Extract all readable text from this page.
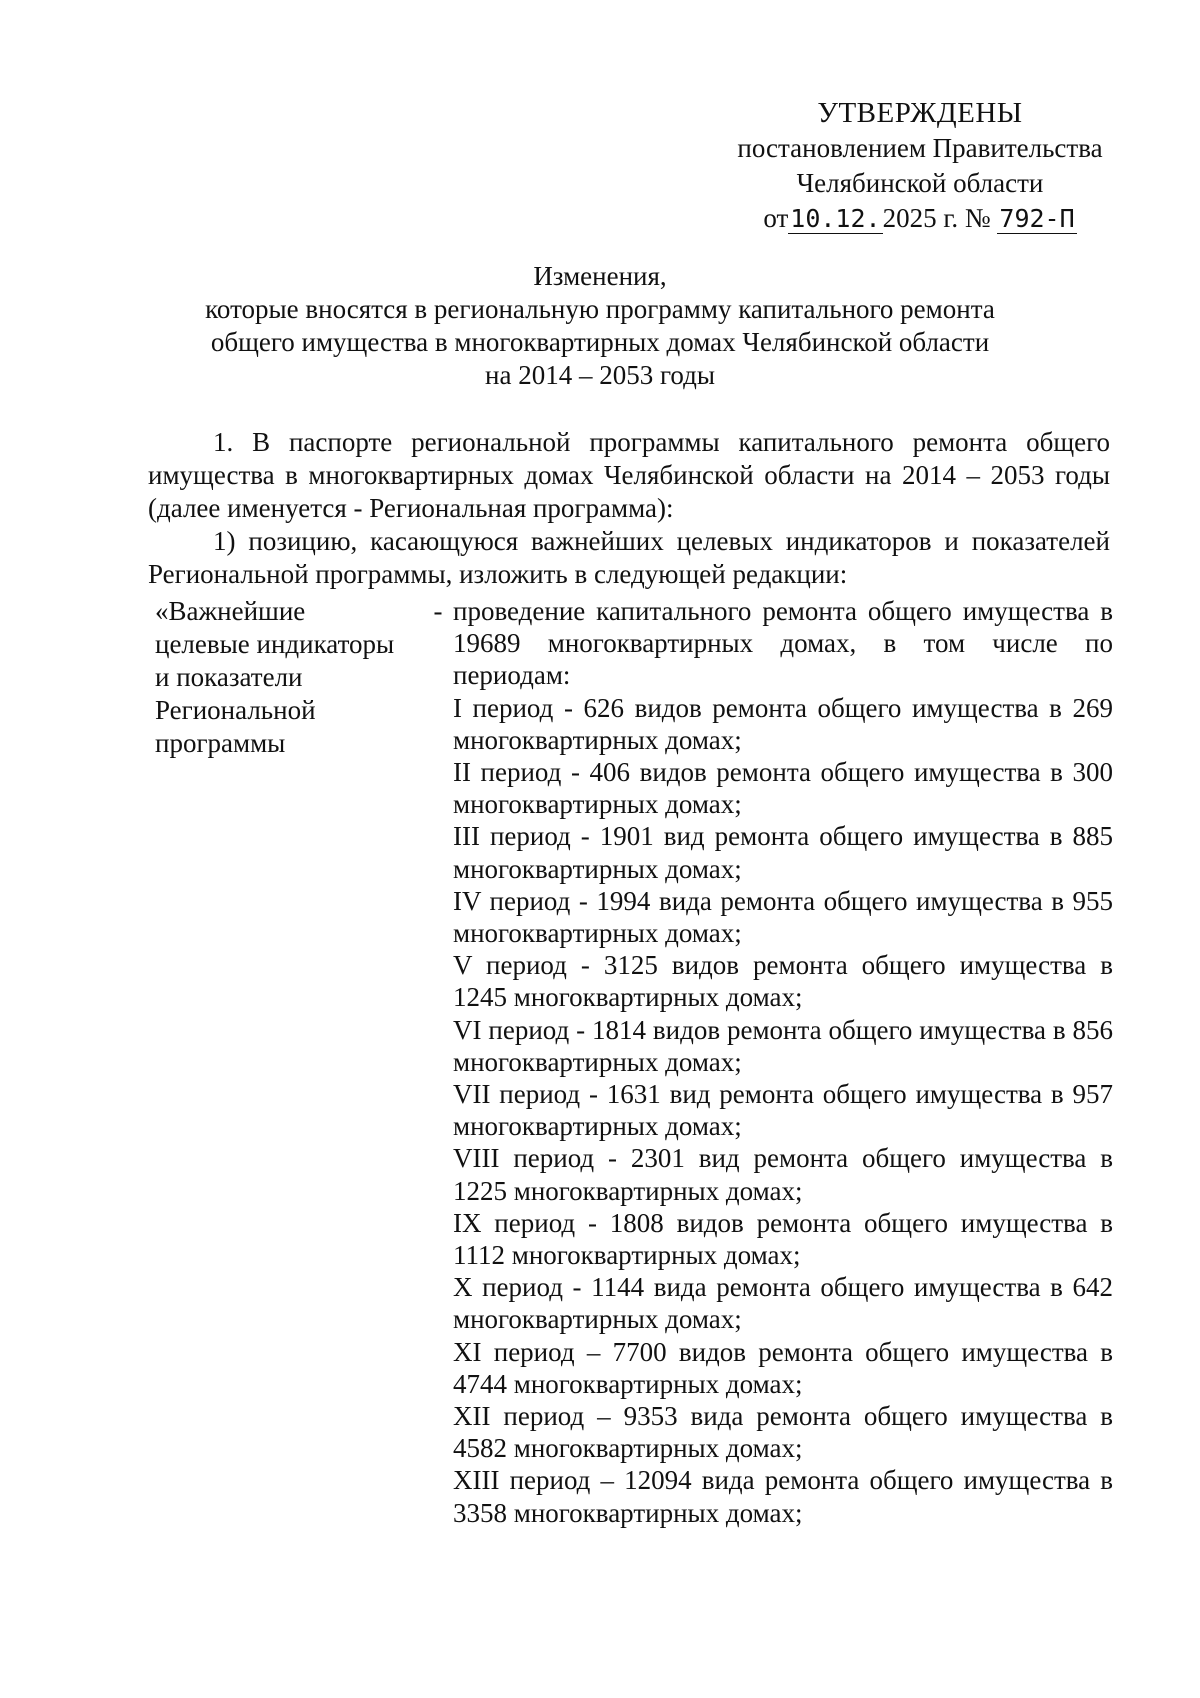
УТВЕРЖДЕНЫ
постановлением Правительства
Челябинской области
от10.12.2025 г. № 792-П
Изменения,
которые вносятся в региональную программу капитального ремонта
общего имущества в многоквартирных домах Челябинской области
на 2014 – 2053 годы

1. В паспорте региональной программы капитального ремонта общего имущества в многоквартирных домах Челябинской области на 2014 – 2053 годы (далее именуется - Региональная программа):

1) позицию, касающуюся важнейших целевых индикаторов и показателей Региональной программы, изложить в следующей редакции:

«Важнейшие
целевые индикаторы
и показатели
Региональной
программы
- проведение капитального ремонта общего имущества в 19689 многоквартирных домах, в том числе по периодам:

I период - 626 видов ремонта общего имущества в 269 многоквартирных домах;

II период - 406 видов ремонта общего имущества в 300 многоквартирных домах;

III период - 1901 вид ремонта общего имущества в 885 многоквартирных домах;

IV период - 1994 вида ремонта общего имущества в 955 многоквартирных домах;

V период - 3125 видов ремонта общего имущества в 1245 многоквартирных домах;

VI период - 1814 видов ремонта общего имущества в 856 многоквартирных домах;

VII период - 1631 вид ремонта общего имущества в 957 многоквартирных домах;

VIII период - 2301 вид ремонта общего имущества в 1225 многоквартирных домах;

IX период - 1808 видов ремонта общего имущества в 1112 многоквартирных домах;

X период - 1144 вида ремонта общего имущества в 642 многоквартирных домах;

XI период – 7700 видов ремонта общего имущества в 4744 многоквартирных домах;

XII период – 9353 вида ремонта общего имущества в 4582 многоквартирных домах;

XIII период – 12094 вида ремонта общего имущества в 3358 многоквартирных домах;
